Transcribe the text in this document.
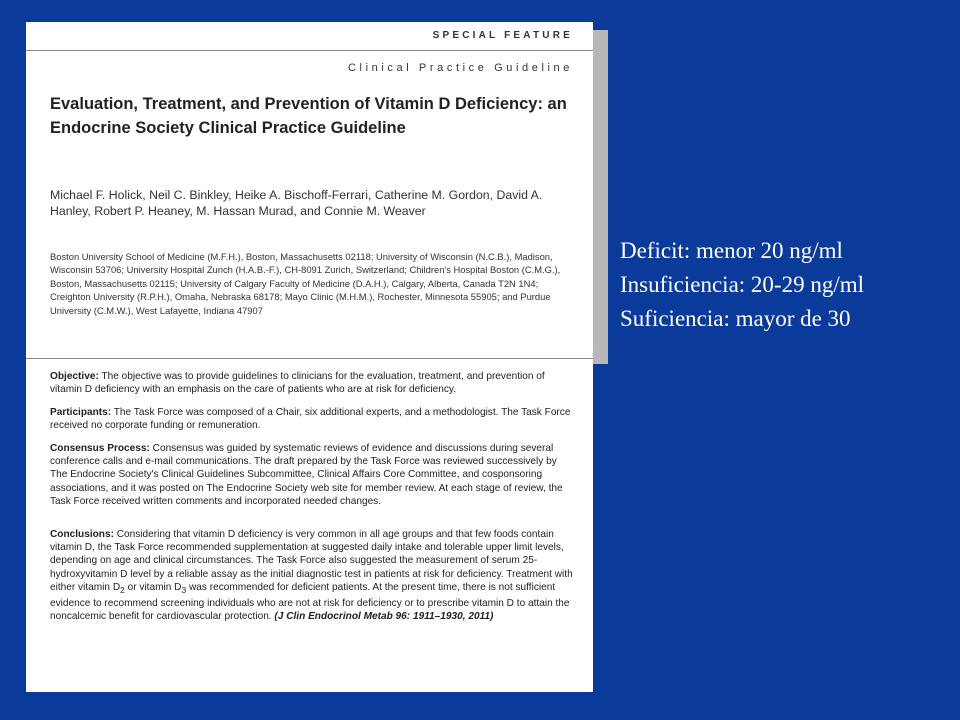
SPECIAL FEATURE
Clinical Practice Guideline
Evaluation, Treatment, and Prevention of Vitamin D Deficiency: an Endocrine Society Clinical Practice Guideline
Michael F. Holick, Neil C. Binkley, Heike A. Bischoff-Ferrari, Catherine M. Gordon, David A. Hanley, Robert P. Heaney, M. Hassan Murad, and Connie M. Weaver
Boston University School of Medicine (M.F.H.), Boston, Massachusetts 02118; University of Wisconsin (N.C.B.), Madison, Wisconsin 53706; University Hospital Zurich (H.A.B.-F.), CH-8091 Zurich, Switzerland; Children's Hospital Boston (C.M.G.), Boston, Massachusetts 02115; University of Calgary Faculty of Medicine (D.A.H.), Calgary, Alberta, Canada T2N 1N4; Creighton University (R.P.H.), Omaha, Nebraska 68178; Mayo Clinic (M.H.M.), Rochester, Minnesota 55905; and Purdue University (C.M.W.), West Lafayette, Indiana 47907

Objective: The objective was to provide guidelines to clinicians for the evaluation, treatment, and prevention of vitamin D deficiency with an emphasis on the care of patients who are at risk for deficiency.

Participants: The Task Force was composed of a Chair, six additional experts, and a methodologist. The Task Force received no corporate funding or remuneration.

Consensus Process: Consensus was guided by systematic reviews of evidence and discussions during several conference calls and e-mail communications. The draft prepared by the Task Force was reviewed successively by The Endocrine Society's Clinical Guidelines Subcommittee, Clinical Affairs Core Committee, and cosponsoring associations, and it was posted on The Endocrine Society web site for member review. At each stage of review, the Task Force received written comments and incorporated needed changes.

Conclusions: Considering that vitamin D deficiency is very common in all age groups and that few foods contain vitamin D, the Task Force recommended supplementation at suggested daily intake and tolerable upper limit levels, depending on age and clinical circumstances. The Task Force also suggested the measurement of serum 25-hydroxyvitamin D level by a reliable assay as the initial diagnostic test in patients at risk for deficiency. Treatment with either vitamin $D_2$ or vitamin $D_3$ was recommended for deficient patients. At the present time, there is not sufficient evidence to recommend screening individuals who are not at risk for deficiency or to prescribe vitamin D to attain the noncalcemic benefit for cardiovascular protection. (J Clin Endocrinol Metab 96: 1911–1930, 2011)

Deficit: menor 20 ng/ml
Insuficiencia: 20-29 ng/ml
Suficiencia: mayor de 30
